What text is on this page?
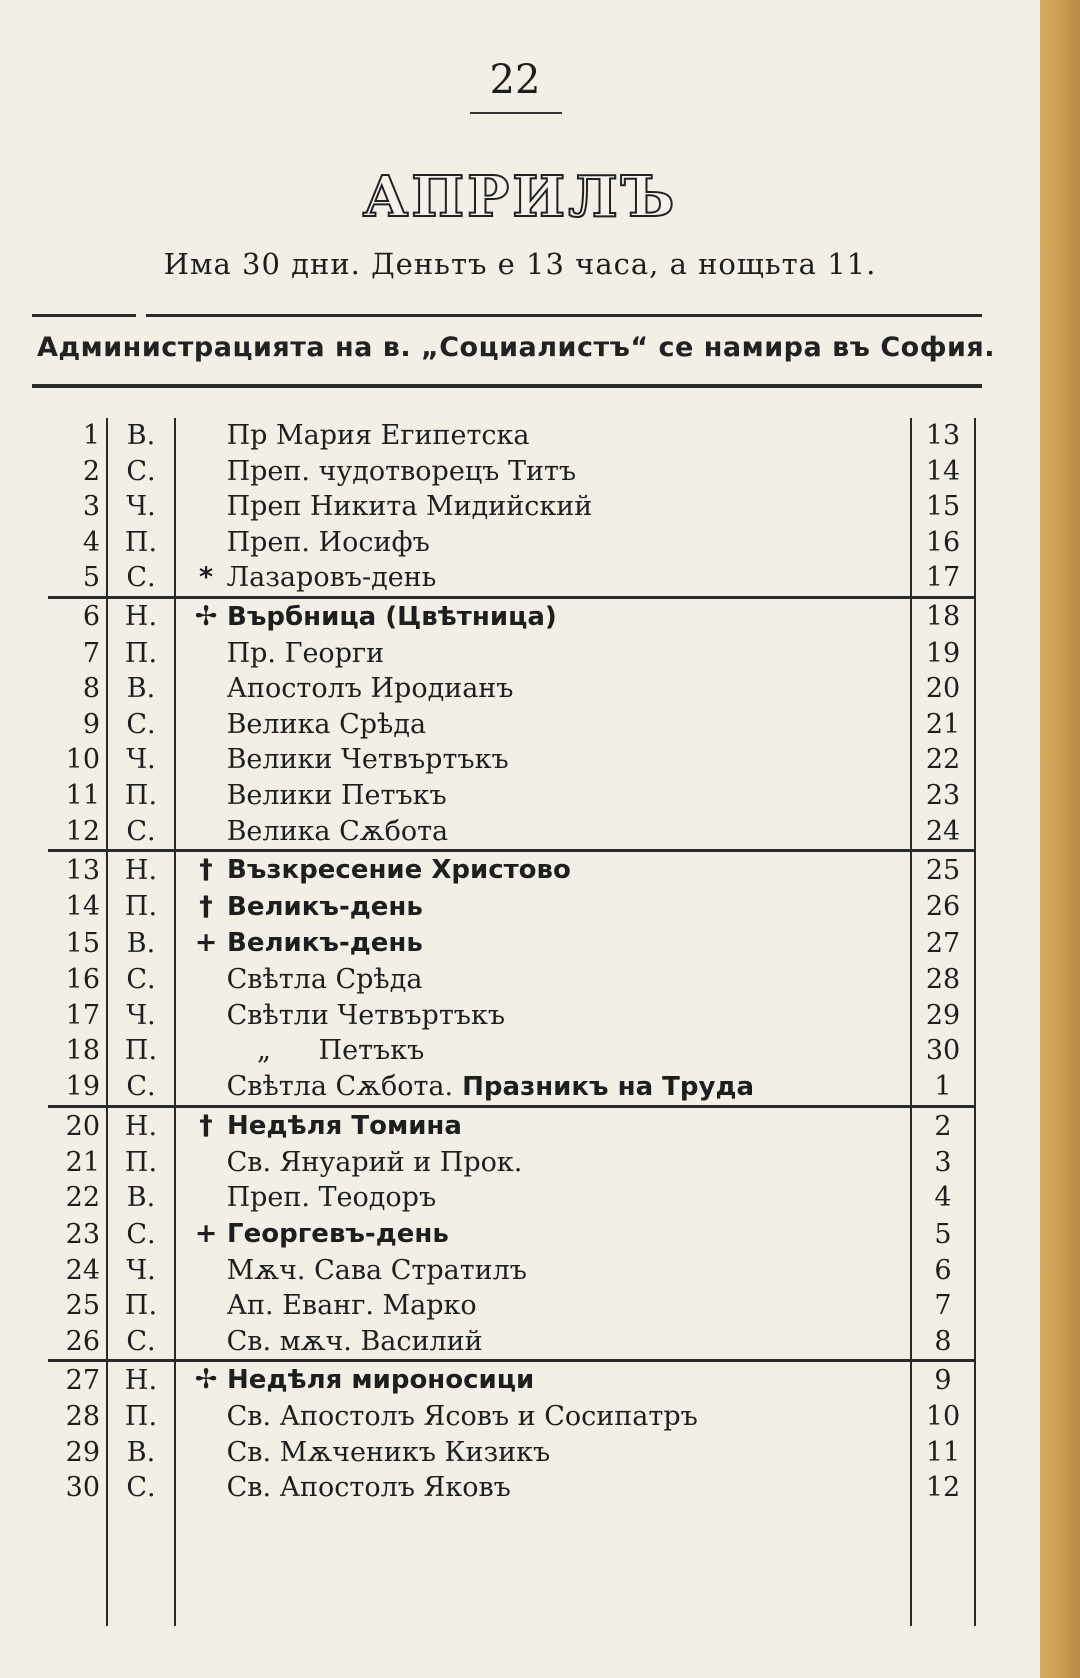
22
АПРИЛЪ
Има 30 дни. Деньтъ е 13 часа, а нощьта 11.
Администрацията на в. „Социалистъ“ се намира въ София.
1	В.	Пр Мария Египетска	13
2	С.	Преп. чудотворецъ Титъ	14
3	Ч.	Преп Никита Мидийский	15
4	П.	Преп. Иосифъ	16
5	С.	* Лазаровъ-день	17
6	Н.	✢ Върбница (Цвѣтница)	18
7	П.	Пр. Георги	19
8	В.	Апостолъ Иродианъ	20
9	С.	Велика Срѣда	21
10	Ч.	Велики Четвъртъкъ	22
11	П.	Велики Петъкъ	23
12	С.	Велика Сѫбота	24
13	Н.	† Възкресение Христово	25
14	П.	† Великъ-день	26
15	В.	+ Великъ-день	27
16	С.	Свѣтла Срѣда	28
17	Ч.	Свѣтли Четвъртъкъ	29
18	П.	„ Петъкъ	30
19	С.	Свѣтла Сѫбота. Празникъ на Труда	1
20	Н.	† Недѣля Томина	2
21	П.	Св. Януарий и Прок.	3
22	В.	Преп. Теодоръ	4
23	С.	+ Георгевъ-день	5
24	Ч.	Мѫч. Сава Стратилъ	6
25	П.	Ап. Еванг. Марко	7
26	С.	Св. мѫч. Василий	8
27	Н.	✢ Недѣля мироносици	9
28	П.	Св. Апостолъ Ясовъ и Сосипатръ	10
29	В.	Св. Мѫченикъ Кизикъ	11
30	С.	Св. Апостолъ Яковъ	12
